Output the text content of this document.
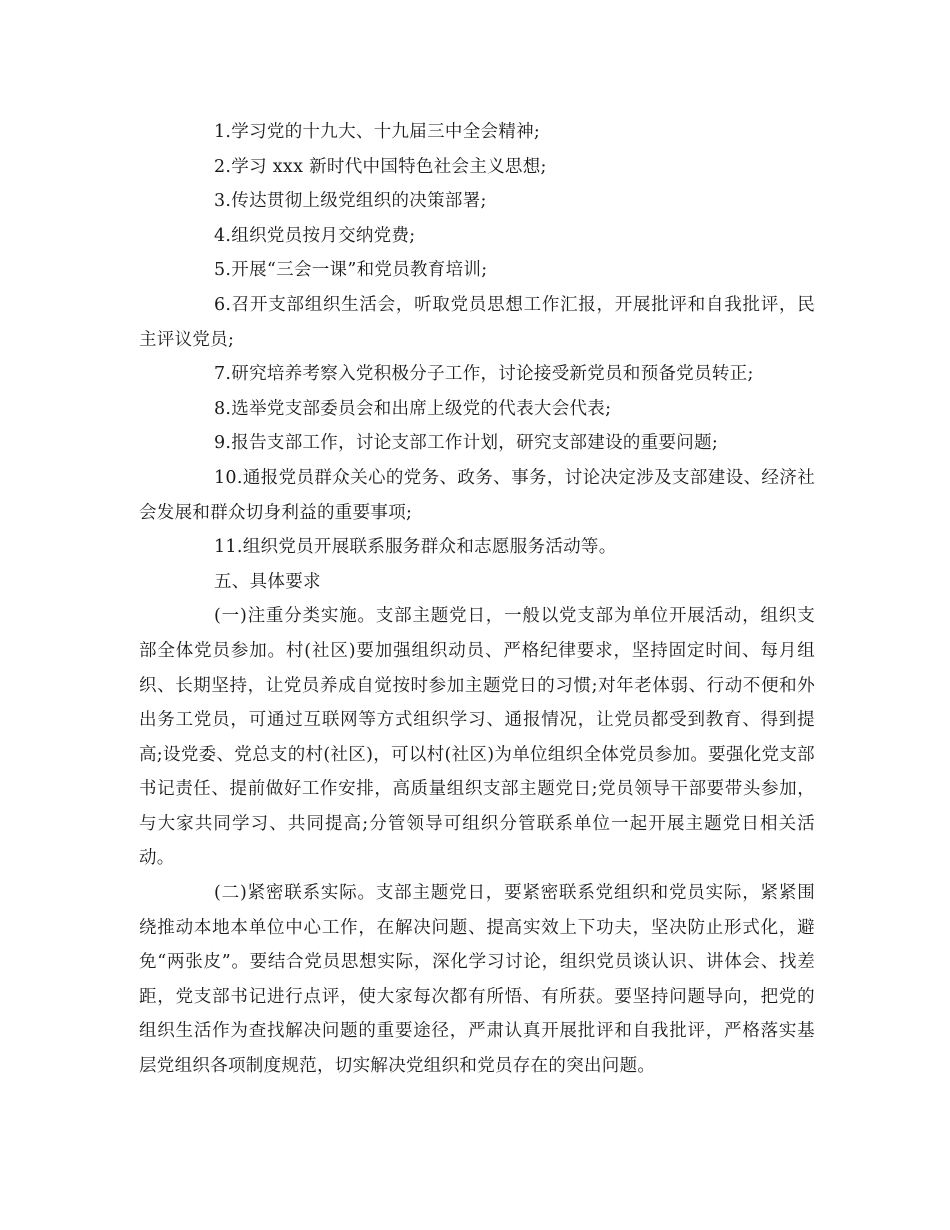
1.学习党的十九大、十九届三中全会精神;

2.学习 xxx 新时代中国特色社会主义思想;

3.传达贯彻上级党组织的决策部署;

4.组织党员按月交纳党费;

5.开展“三会一课”和党员教育培训;

6.召开支部组织生活会，听取党员思想工作汇报，开展批评和自我批评，民主评议党员;

7.研究培养考察入党积极分子工作，讨论接受新党员和预备党员转正;

8.选举党支部委员会和出席上级党的代表大会代表;

9.报告支部工作，讨论支部工作计划，研究支部建设的重要问题;

10.通报党员群众关心的党务、政务、事务，讨论决定涉及支部建设、经济社会发展和群众切身利益的重要事项;

11.组织党员开展联系服务群众和志愿服务活动等。

五、具体要求

(一)注重分类实施。支部主题党日，一般以党支部为单位开展活动，组织支部全体党员参加。村(社区)要加强组织动员、严格纪律要求，坚持固定时间、每月组织、长期坚持，让党员养成自觉按时参加主题党日的习惯;对年老体弱、行动不便和外出务工党员，可通过互联网等方式组织学习、通报情况，让党员都受到教育、得到提高;设党委、党总支的村(社区)，可以村(社区)为单位组织全体党员参加。要强化党支部书记责任、提前做好工作安排，高质量组织支部主题党日;党员领导干部要带头参加，与大家共同学习、共同提高;分管领导可组织分管联系单位一起开展主题党日相关活动。

(二)紧密联系实际。支部主题党日，要紧密联系党组织和党员实际，紧紧围绕推动本地本单位中心工作，在解决问题、提高实效上下功夫，坚决防止形式化，避免“两张皮”。要结合党员思想实际，深化学习讨论，组织党员谈认识、讲体会、找差距，党支部书记进行点评，使大家每次都有所悟、有所获。要坚持问题导向，把党的组织生活作为查找解决问题的重要途径，严肃认真开展批评和自我批评，严格落实基层党组织各项制度规范，切实解决党组织和党员存在的突出问题。
